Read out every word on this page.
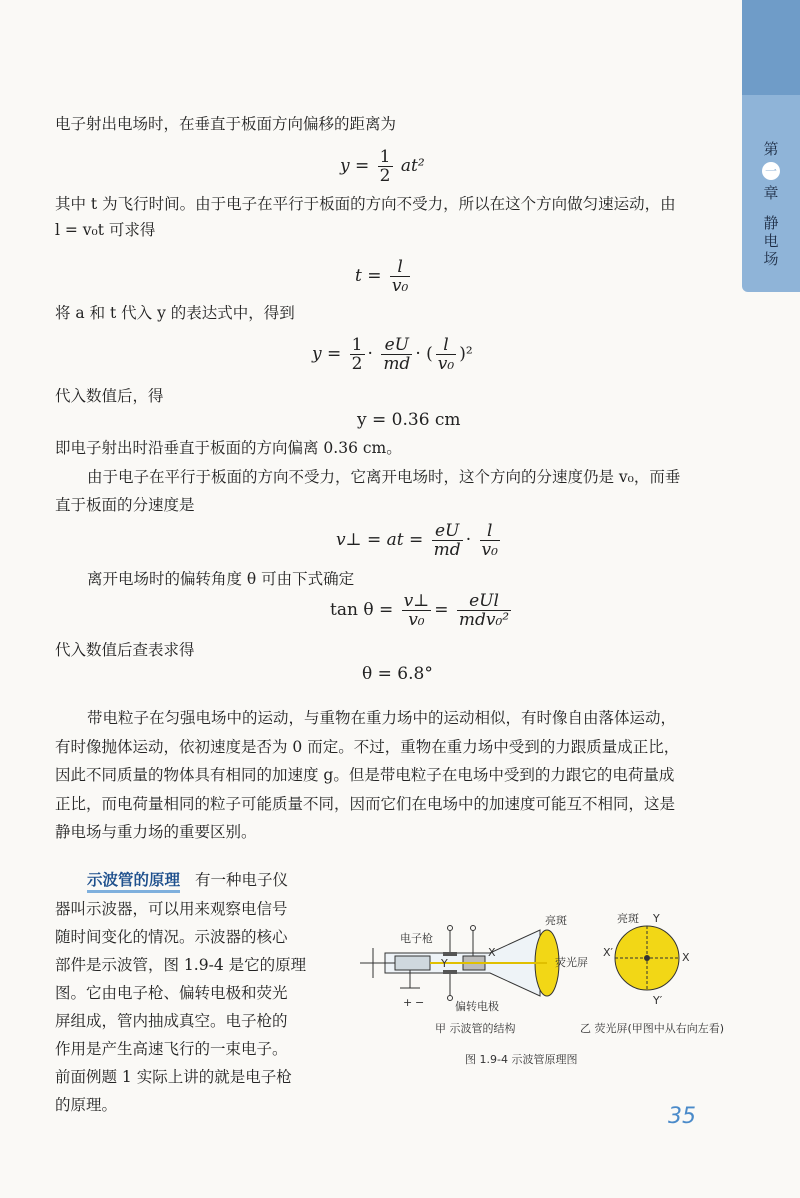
第
一
章
静电场
电子射出电场时，在垂直于板面方向偏移的距离为
$y = \frac{1}{2} at^2$
其中 t 为飞行时间。由于电子在平行于板面的方向不受力，所以在这个方向做匀速运动，由
l = v₀t 可求得
$t = \frac{l}{\text{v₀}}$
将 a 和 t 代入 y 的表达式中，得到
$y = \frac{1}{2} \cdot \frac{eU}{md}$ · ( $\frac{l}{\text{v₀}} )^2$
代入数值后，得
y = 0.36 cm
即电子射出时沿垂直于板面的方向偏离 0.36 cm。
由于电子在平行于板面的方向不受力，它离开电场时，这个方向的分速度仍是 v₀，而垂
直于板面的分速度是
v⊥ = at = $\frac{eU}{md} \cdot \frac{l}{\text{v₀}}$
离开电场时的偏转角度 θ 可由下式确定
$\tan \theta = \frac{v\perp}{\text{v₀}} = \frac{\text{eUl}}{\text{mdv₀²}}$
代入数值后查表求得
θ = 6.8°
带电粒子在匀强电场中的运动，与重物在重力场中的运动相似，有时像自由落体运动，
有时像抛体运动，依初速度是否为 0 而定。不过，重物在重力场中受到的力跟质量成正比，
因此不同质量的物体具有相同的加速度 g。但是带电粒子在电场中受到的力跟它的电荷量成
正比，而电荷量相同的粒子可能质量不同，因而它们在电场中的加速度可能互不相同，这是
静电场与重力场的重要区别。
示波管的原理 有一种电子仪
器叫示波器，可以用来观察电信号
随时间变化的情况。示波器的核心
部件是示波管，图 1.9-4 是它的原理
图。它由电子枪、偏转电极和荧光
屏组成，管内抽成真空。电子枪的
作用是产生高速飞行的一束电子。
前面例题 1 实际上讲的就是电子枪
的原理。
+ −
电子枪
偏转电极
亮斑
荧光屏
Y
X
亮斑 Y
Y′
X′	X
甲 示波管的结构	乙 荧光屏(甲图中从右向左看)
图 1.9-4 示波管原理图
35
